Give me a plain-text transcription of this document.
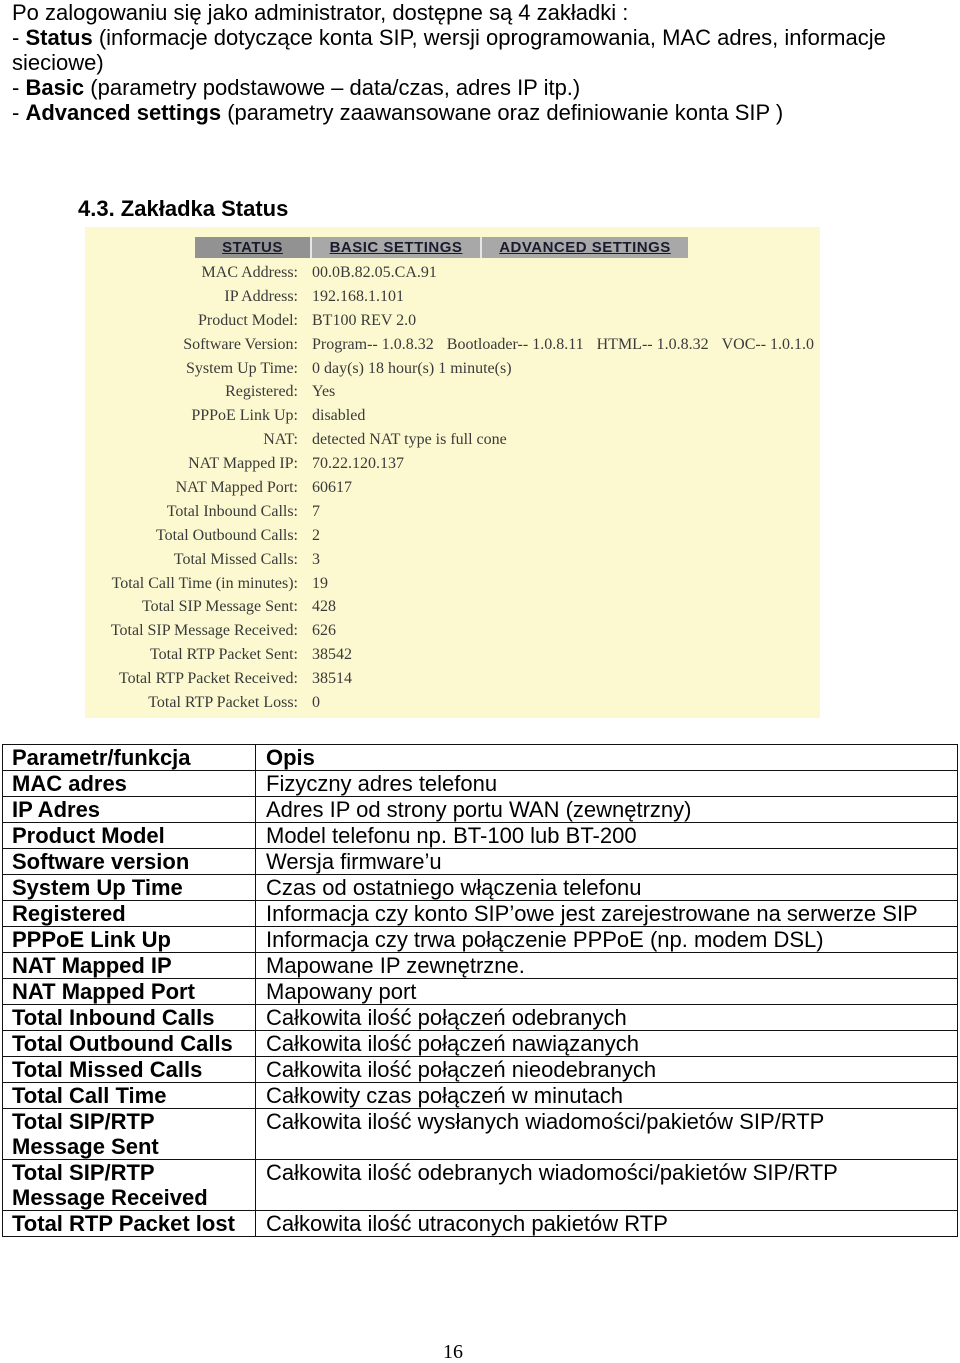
Po zalogowaniu się jako administrator, dostępne są 4 zakładki :

- Status (informacje dotyczące konta SIP, wersji oprogramowania, MAC adres, informacje sieciowe)

- Basic (parametry podstawowe – data/czas, adres IP itp.)

- Advanced settings (parametry zaawansowane oraz definiowanie konta SIP )

4.3. Zakładka Status
STATUS	BASIC SETTINGS ADVANCED SETTINGS
MAC Address: 00.0B.82.05.CA.91
IP Address: 192.168.1.101
Product Model: BT100 REV 2.0
Software Version: Program-- 1.0.8.32 Bootloader-- 1.0.8.11 HTML-- 1.0.8.32 VOC-- 1.0.1.0
System Up Time: 0 day(s) 18 hour(s) 1 minute(s)
Registered: Yes
PPPoE Link Up: disabled
NAT: detected NAT type is full cone
NAT Mapped IP: 70.22.120.137
NAT Mapped Port: 60617
Total Inbound Calls: 7
Total Outbound Calls: 2
Total Missed Calls: 3
Total Call Time (in minutes): 19
Total SIP Message Sent: 428
Total SIP Message Received: 626
Total RTP Packet Sent: 38542
Total RTP Packet Received: 38514
Total RTP Packet Loss: 0
Parametr/funkcja	Opis
MAC adres	Fizyczny adres telefonu
IP Adres	Adres IP od strony portu WAN (zewnętrzny)
Product Model	Model telefonu np. BT-100 lub BT-200
Software version	Wersja firmware’u
System Up Time	Czas od ostatniego włączenia telefonu
Registered	Informacja czy konto SIP’owe jest zarejestrowane na serwerze SIP
PPPoE Link Up	Informacja czy trwa połączenie PPPoE (np. modem DSL)
NAT Mapped IP	Mapowane IP zewnętrzne.
NAT Mapped Port	Mapowany port
Total Inbound Calls	Całkowita ilość połączeń odebranych
Total Outbound Calls	Całkowita ilość połączeń nawiązanych
Total Missed Calls	Całkowita ilość połączeń nieodebranych
Total Call Time	Całkowity czas połączeń w minutach
Total SIP/RTP Message Sent	Całkowita ilość wysłanych wiadomości/pakietów SIP/RTP
Total SIP/RTP Message Received	Całkowita ilość odebranych wiadomości/pakietów SIP/RTP
Total RTP Packet lost	Całkowita ilość utraconych pakietów RTP
16
